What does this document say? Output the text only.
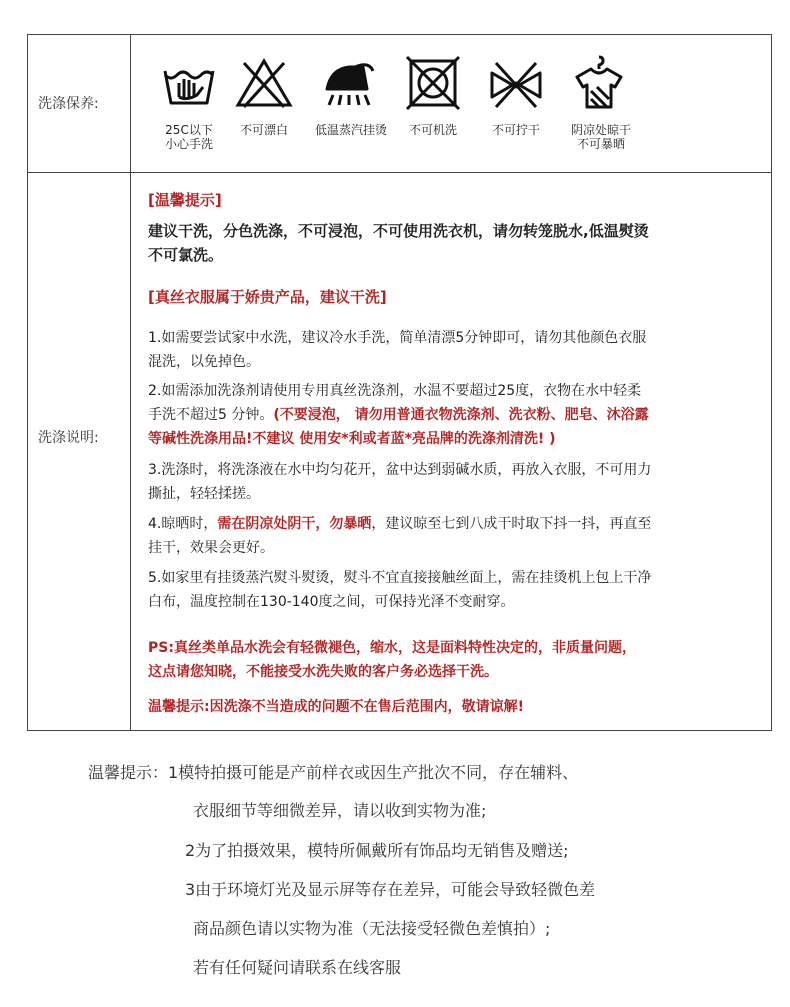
洗涤保养:
25C以下
小心手洗
不可漂白	低温蒸汽挂烫	不可机洗	不可拧干	阴凉处晾干
不可暴晒
洗涤说明:
[温馨提示]
建议干洗，分色洗涤，不可浸泡，不可使用洗衣机，请勿转笼脱水,低温熨烫
不可氯洗。
[真丝衣服属于娇贵产品，建议干洗]
1.如需要尝试家中水洗，建议冷水手洗，简单清漂5分钟即可，请勿其他颜色衣服
混洗，以免掉色。
2.如需添加洗涤剂请使用专用真丝洗涤剂，水温不要超过25度，衣物在水中轻柔
手洗不超过5 分钟。(不要浸泡， 请勿用普通衣物洗涤剂、洗衣粉、肥皂、沐浴露
等碱性洗涤用品!不建议 使用安*利或者蓝*亮品牌的洗涤剂清洗! )
3.洗涤时，将洗涤液在水中均匀花开，盆中达到弱碱水质，再放入衣服，不可用力
撕扯，轻轻揉搓。
4.晾晒时，需在阴凉处阴干，勿暴晒，建议晾至七到八成干时取下抖一抖，再直至
挂干，效果会更好。
5.如家里有挂烫蒸汽熨斗熨烫，熨斗不宜直接接触丝面上，需在挂烫机上包上干净
白布，温度控制在130-140度之间，可保持光泽不变耐穿。
PS:真丝类单品水洗会有轻微褪色，缩水，这是面料特性决定的，非质量问题，
这点请您知晓，不能接受水洗失败的客户务必选择干洗。
温馨提示:因洗涤不当造成的问题不在售后范围内，敬请谅解!
温馨提示：1模特拍摄可能是产前样衣或因生产批次不同，存在辅料、
衣服细节等细微差异，请以收到实物为准;
2为了拍摄效果，模特所佩戴所有饰品均无销售及赠送;
3由于环境灯光及显示屏等存在差异，可能会导致轻微色差
商品颜色请以实物为准（无法接受轻微色差慎拍）;
若有任何疑问请联系在线客服
